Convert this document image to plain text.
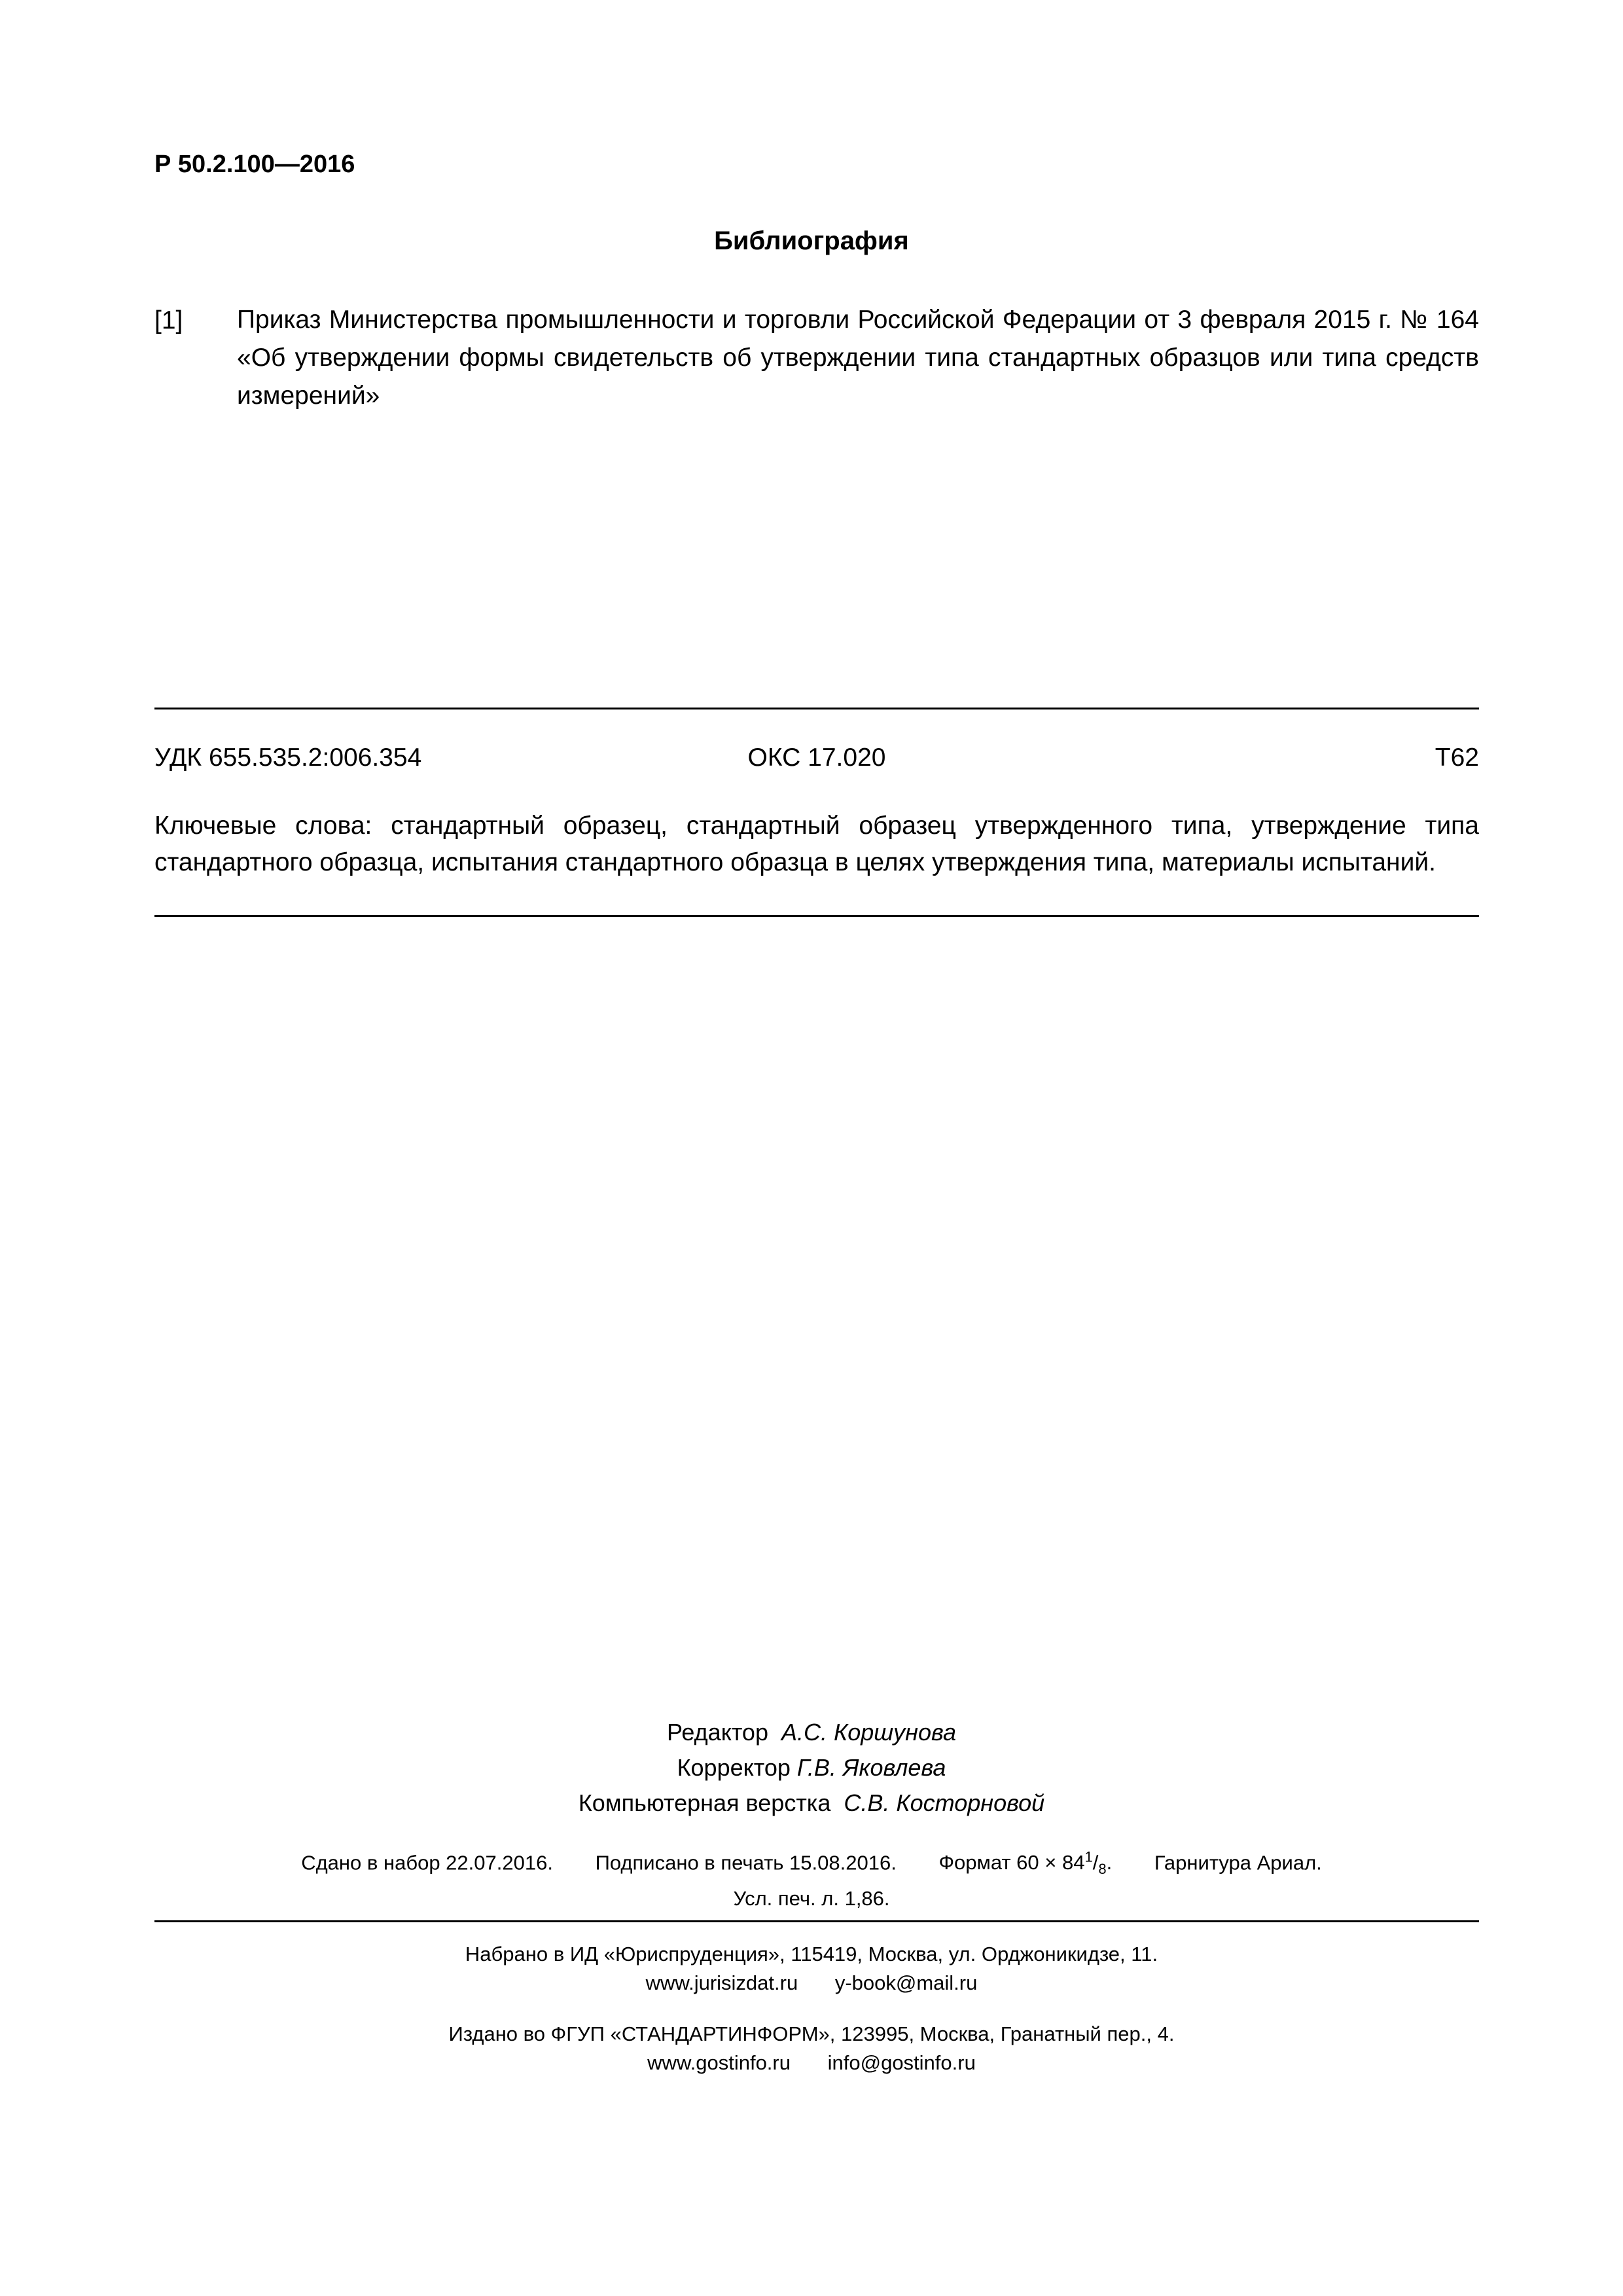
Р 50.2.100—2016
Библиография
[1] Приказ Министерства промышленности и торговли Российской Федерации от 3 февраля 2015 г. № 164 «Об утверждении формы свидетельств об утверждении типа стандартных образцов или типа средств измерений»
УДК 655.535.2:006.354	ОКС 17.020	Т62
Ключевые слова: стандартный образец, стандартный образец утвержденного типа, утверждение типа стандартного образца, испытания стандартного образца в целях утверждения типа, материалы испытаний.
Редактор А.С. Коршунова
Корректор Г.В. Яковлева
Компьютерная верстка С.В. Косторновой
Сдано в набор 22.07.2016. Подписано в печать 15.08.2016. Формат $60 \times 84^1/_8$. Гарнитура Ариал.
Усл. печ. л. 1,86.
Набрано в ИД «Юриспруденция», 115419, Москва, ул. Орджоникидзе, 11.
www.jurisizdat.ru y-book@mail.ru
Издано во ФГУП «СТАНДАРТИНФОРМ», 123995, Москва, Гранатный пер., 4.
www.gostinfo.ru info@gostinfo.ru
